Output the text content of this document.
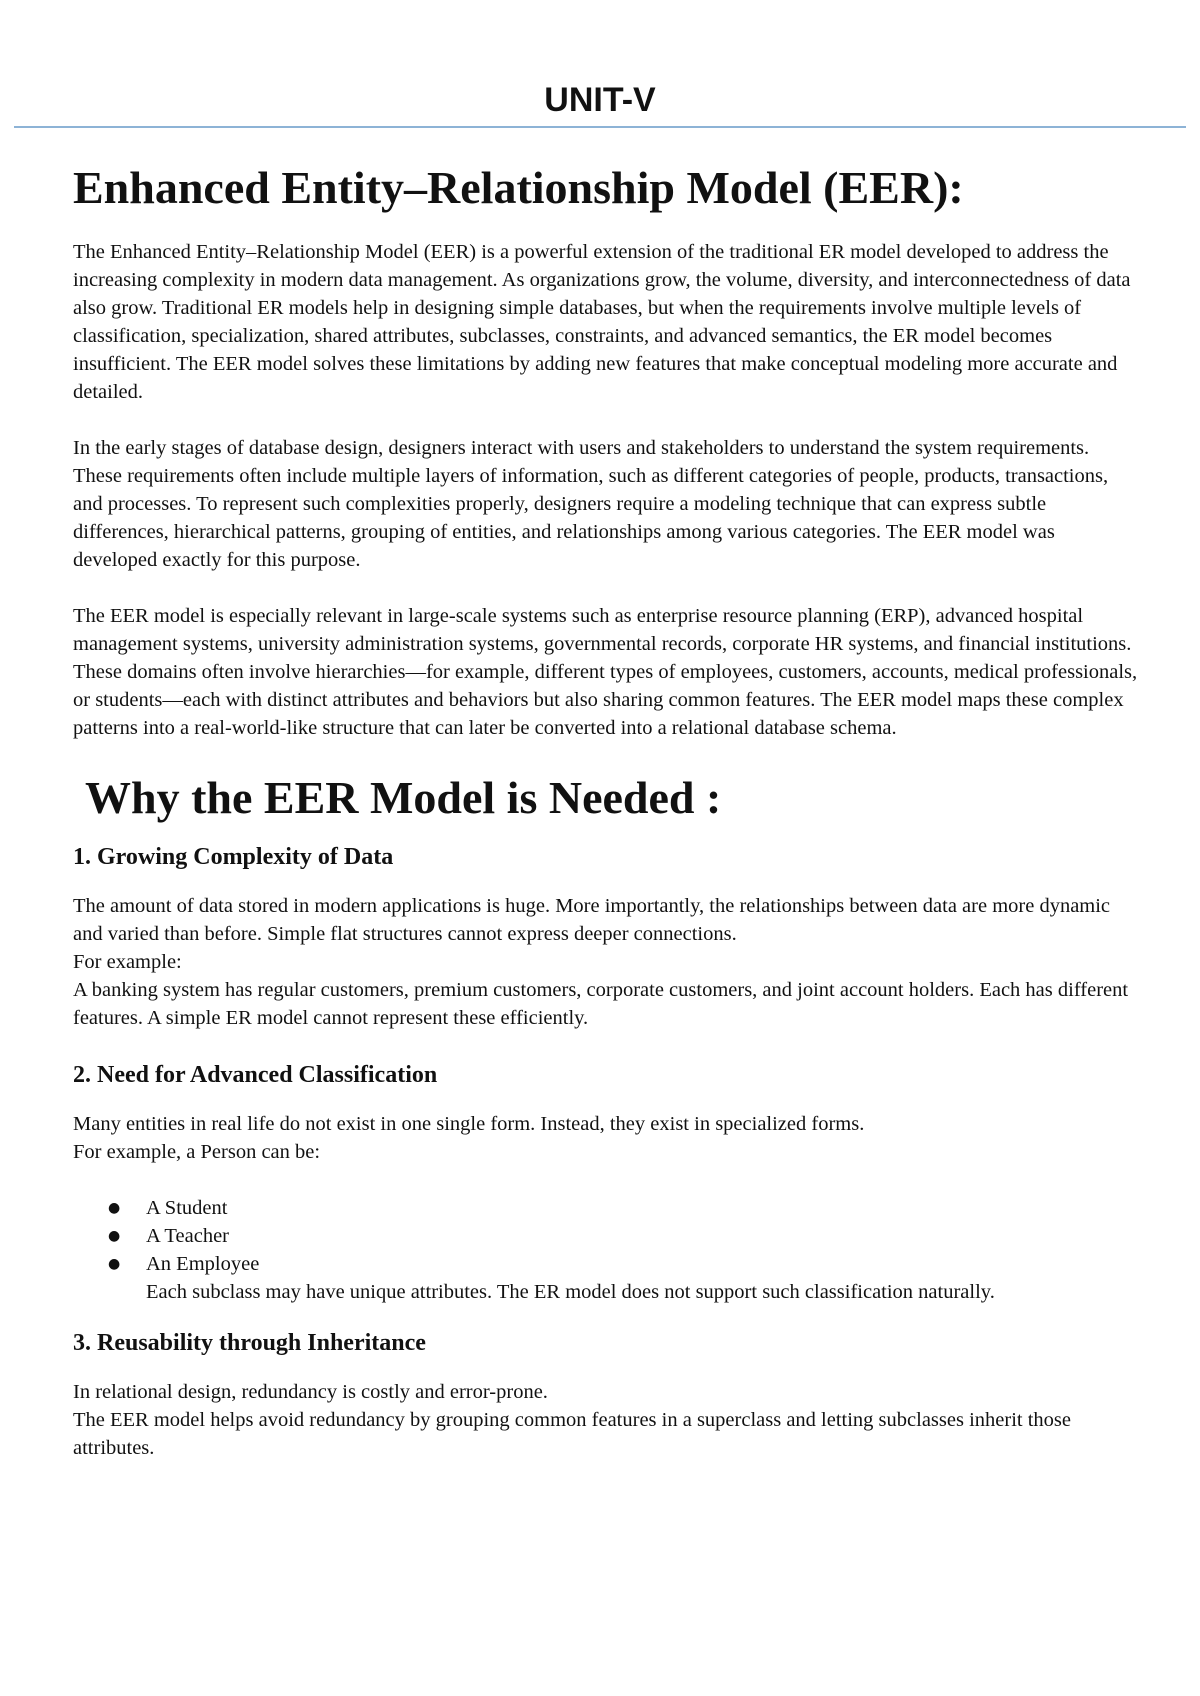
UNIT-V
Enhanced Entity–Relationship Model (EER):

The Enhanced Entity–Relationship Model (EER) is a powerful extension of the traditional ER model developed to address the increasing complexity in modern data management. As organizations grow, the volume, diversity, and interconnectedness of data also grow. Traditional ER models help in designing simple databases, but when the requirements involve multiple levels of classification, specialization, shared attributes, subclasses, constraints, and advanced semantics, the ER model becomes insufficient. The EER model solves these limitations by adding new features that make conceptual modeling more accurate and detailed.

In the early stages of database design, designers interact with users and stakeholders to understand the system requirements. These requirements often include multiple layers of information, such as different categories of people, products, transactions, and processes. To represent such complexities properly, designers require a modeling technique that can express subtle differences, hierarchical patterns, grouping of entities, and relationships among various categories. The EER model was developed exactly for this purpose.

The EER model is especially relevant in large-scale systems such as enterprise resource planning (ERP), advanced hospital management systems, university administration systems, governmental records, corporate HR systems, and financial institutions. These domains often involve hierarchies—for example, different types of employees, customers, accounts, medical professionals, or students—each with distinct attributes and behaviors but also sharing common features. The EER model maps these complex patterns into a real-world-like structure that can later be converted into a relational database schema.

Why the EER Model is Needed :
1. Growing Complexity of Data

The amount of data stored in modern applications is huge. More importantly, the relationships between data are more dynamic and varied than before. Simple flat structures cannot express deeper connections.

For example:

A banking system has regular customers, premium customers, corporate customers, and joint account holders. Each has different features. A simple ER model cannot represent these efficiently.

2. Need for Advanced Classification

Many entities in real life do not exist in one single form. Instead, they exist in specialized forms.

For example, a Person can be:

● A Student
● A Teacher
● An Employee
Each subclass may have unique attributes. The ER model does not support such classification naturally.
3. Reusability through Inheritance

In relational design, redundancy is costly and error-prone.

The EER model helps avoid redundancy by grouping common features in a superclass and letting subclasses inherit those attributes.
